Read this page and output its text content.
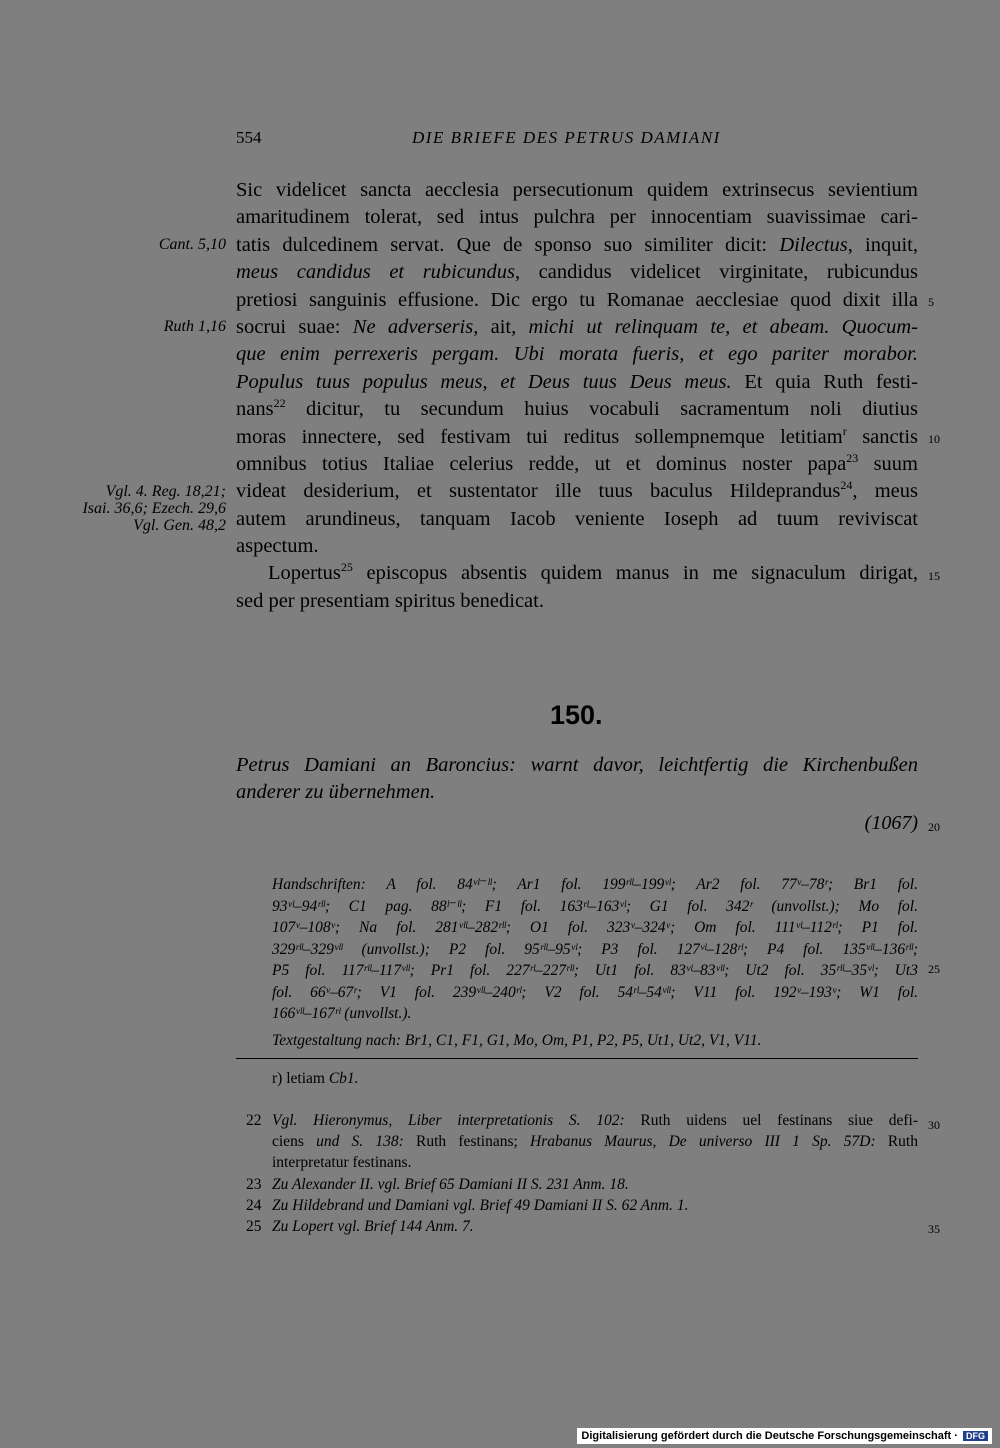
554	DIE BRIEFE DES PETRUS DAMIANI
Cant. 5,10
Ruth 1,16
Vgl. 4. Reg. 18,21;
Isai. 36,6; Ezech. 29,6
Vgl. Gen. 48,2
Sic videlicet sancta aecclesia persecutionum quidem extrinsecus sevientium
amaritudinem tolerat, sed intus pulchra per innocentiam suavissimae cari-
tatis dulcedinem servat. Que de sponso suo similiter dicit: Dilectus, inquit,
meus candidus et rubicundus, candidus videlicet virginitate, rubicundus
pretiosi sanguinis effusione. Dic ergo tu Romanae aecclesiae quod dixit illa
socrui suae: Ne adverseris, ait, michi ut relinquam te, et abeam. Quocum-
que enim perrexeris pergam. Ubi morata fueris, et ego pariter morabor.
Populus tuus populus meus, et Deus tuus Deus meus. Et quia Ruth festi-
nans$^{22}$ dicitur, tu secundum huius vocabuli sacramentum noli diutius
moras innectere, sed festivam tui reditus sollempnemque letitiam$^r$ sanctis
omnibus totius Italiae celerius redde, ut et dominus noster papa$^{23}$ suum
videat desiderium, et sustentator ille tuus baculus Hildeprandus$^{24}$, meus
autem arundineus, tanquam Iacob veniente Ioseph ad tuum reviviscat
aspectum.
Lopertus$^{25}$ episcopus absentis quidem manus in me signaculum dirigat,
sed per presentiam spiritus benedicat.
5
10
15
20
25
30
35
150.
Petrus Damiani an Baroncius: warnt davor, leichtfertig die Kirchenbußen
anderer zu übernehmen.
(1067)
Handschriften: A fol. 84ᵛˡ⁻ˡˡ; Ar1 fol. 199ʳˡˡ–199ᵛˡ; Ar2 fol. 77ᵛ–78ʳ; Br1 fol.
93ᵛˡ–94ʳˡˡ; C1 pag. 88ˡ⁻ˡˡ; F1 fol. 163ʳˡ–163ᵛˡ; G1 fol. 342ʳ (unvollst.); Mo fol.
107ᵛ–108ᵛ; Na fol. 281ᵛˡˡ–282ʳˡˡ; O1 fol. 323ᵛ–324ᵛ; Om fol. 111ᵛˡ–112ʳˡ; P1 fol.
329ʳˡˡ–329ᵛˡˡ (unvollst.); P2 fol. 95ʳˡˡ–95ᵛˡ; P3 fol. 127ᵛˡ–128ʳˡ; P4 fol. 135ᵛˡˡ–136ʳˡˡ;
P5 fol. 117ʳˡˡ–117ᵛˡˡ; Pr1 fol. 227ʳˡ–227ʳˡˡ; Ut1 fol. 83ᵛˡ–83ᵛˡˡ; Ut2 fol. 35ʳˡˡ–35ᵛˡ; Ut3
fol. 66ᵛ–67ʳ; V1 fol. 239ᵛˡˡ–240ʳˡ; V2 fol. 54ʳˡ–54ᵛˡˡ; V11 fol. 192ᵛ–193ᵛ; W1 fol.
166ᵛˡˡ–167ʳˡ (unvollst.).
Textgestaltung nach: Br1, C1, F1, G1, Mo, Om, P1, P2, P5, Ut1, Ut2, V1, V11.
r) letiam Cb1.
22 Vgl. Hieronymus, Liber interpretationis S. 102: Ruth uidens uel festinans siue defi-
ciens und S. 138: Ruth festinans; Hrabanus Maurus, De universo III 1 Sp. 57D: Ruth
interpretatur festinans.
23 Zu Alexander II. vgl. Brief 65 Damiani II S. 231 Anm. 18.
24 Zu Hildebrand und Damiani vgl. Brief 49 Damiani II S. 62 Anm. 1.
25 Zu Lopert vgl. Brief 144 Anm. 7.
Digitalisierung gefördert durch die Deutsche Forschungsgemeinschaft · DFG
